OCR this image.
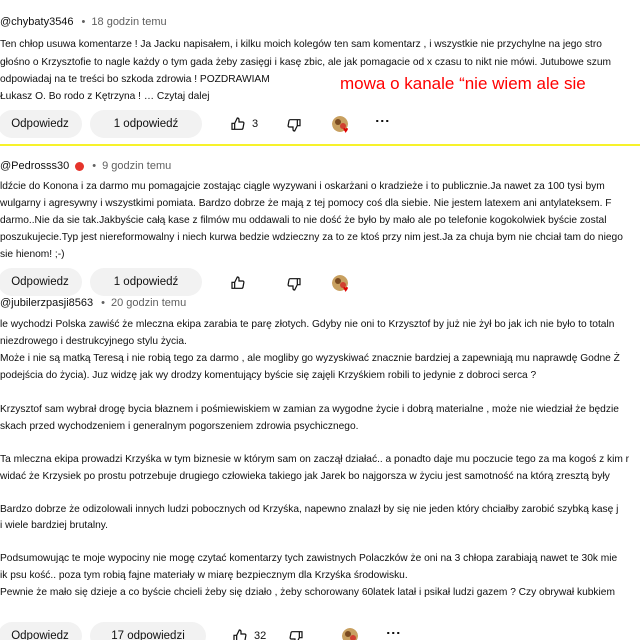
mowa o kanale “nie wiem ale sie
@chybaty3546 • 18 godzin temu
Ten chłop usuwa komentarze ! Ja Jacku napisałem, i kilku moich kolegów ten sam komentarz , i wszystkie nie przychylne na jego stro
głośno o Krzysztofie to nagle każdy o tym gada żeby zasięgi i kasę zbic, ale jak pomagacie od x czasu to nikt nie mówi. Jutubowe szum
odpowiadaj na te treści bo szkoda zdrowia ! POZDRAWIAM
Łukasz O. Bo rodo z Kętrzyna ! … Czytaj dalej
Odpowiedz	1 odpowiedź	3	♥
⋮
@Pedrosss30 • 9 godzin temu
ldźcie do Konona i za darmo mu pomagajcie zostając ciągle wyzywani i oskarżani o kradzieże i to publicznie.Ja nawet za 100 tysi bym
wulgarny i agresywny i wszystkimi pomiata. Bardzo dobrze że mają z tej pomocy coś dla siebie. Nie jestem latexem ani antylateksem. F
darmo..Nie da sie tak.Jakbyście całą kase z filmów mu oddawali to nie dość że było by mało ale po telefonie kogokolwiek byście zostal
poszukujecie.Typ jest niereformowalny i niech kurwa bedzie wdzieczny za to ze ktoś przy nim jest.Ja za chuja bym nie chciał tam do niego
sie hienom! ;-)
Odpowiedz	1 odpowiedź
♥
@jubilerzpasji8563 • 20 godzin temu
le wychodzi Polska zawiść że mleczna ekipa zarabia te parę złotych. Gdyby nie oni to Krzysztof by już nie żył bo jak ich nie było to totaln
niezdrowego i destrukcyjnego stylu życia.
Może i nie są matką Teresą i nie robią tego za darmo , ale mogliby go wyzyskiwać znacznie bardziej a zapewniają mu naprawdę Godne Ż
podejścia do życia). Juz widzę jak wy drodzy komentujący byście się zajęli Krzyśkiem robili to jedynie z dobroci serca ?
Krzysztof sam wybrał drogę bycia błaznem i pośmiewiskiem w zamian za wygodne życie i dobrą materialne , może nie wiedział że będzie
skach przed wychodzeniem i generalnym pogorszeniem zdrowia psychicznego.
Ta mleczna ekipa prowadzi Krzyśka w tym biznesie w którym sam on zaczął działać.. a ponadto daje mu poczucie tego za ma kogoś z kim r
widać że Krzysiek po prostu potrzebuje drugiego człowieka takiego jak Jarek bo najgorsza w życiu jest samotność na którą zresztą były
Bardzo dobrze że odizolowali innych ludzi pobocznych od Krzyśka, napewno znalazł by się nie jeden który chciałby zarobić szybką kasę j
i wiele bardziej brutalny.
Podsumowując te moje wypociny nie mogę czytać komentarzy tych zawistnych Polaczków że oni na 3 chłopa zarabiają nawet te 30k mie
ik psu kość.. poza tym robią fajne materiały w miarę bezpiecznym dla Krzyśka środowisku.
Pewnie że mało się dzieje a co byście chcieli żeby się działo , żeby schorowany 60latek latał i psikał ludzi gazem ? Czy obrywał kubkiem
Odpowiedz	17 odpowiedzi	32	⋮
